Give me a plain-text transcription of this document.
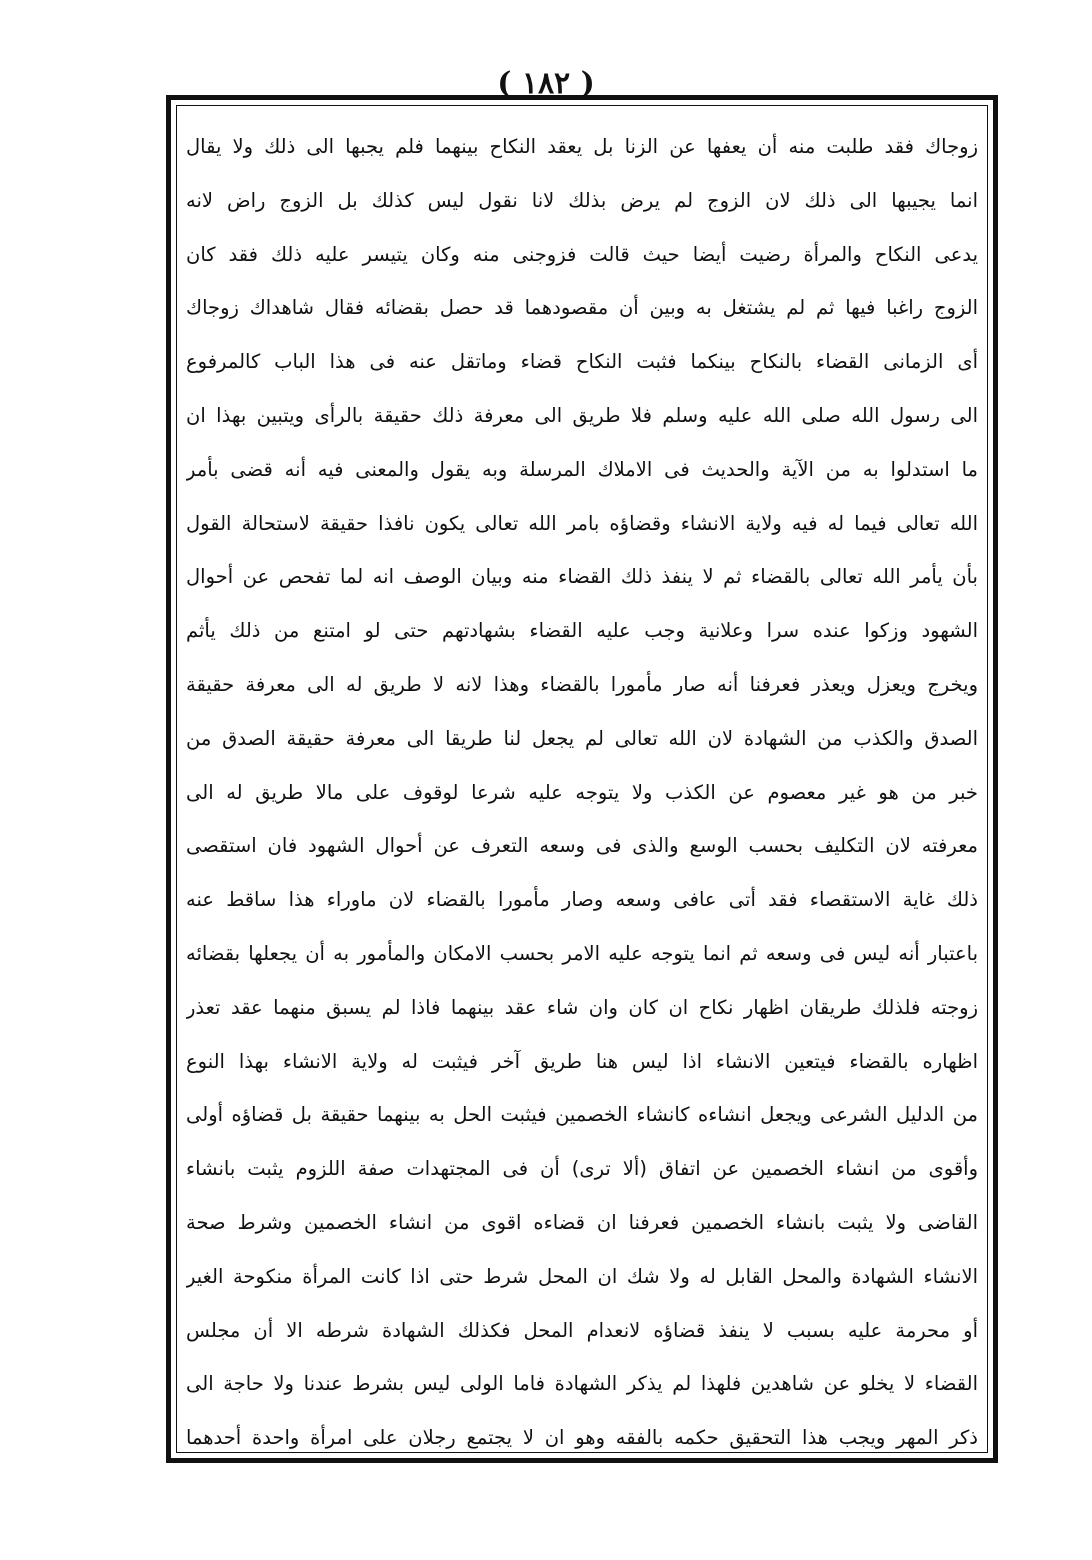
( ١٨٢ )
زوجاك فقد طلبت منه أن يعفها عن الزنا بل يعقد النكاح بينهما فلم يجبها الى ذلك ولا يقال
انما يجيبها الى ذلك لان الزوج لم يرض بذلك لانا نقول ليس كذلك بل الزوج راض لانه
يدعى النكاح والمرأة رضيت أيضا حيث قالت فزوجنى منه وكان يتيسر عليه ذلك فقد كان
الزوج راغبا فيها ثم لم يشتغل به وبين أن مقصودهما قد حصل بقضائه فقال شاهداك زوجاك
أى الزمانى القضاء بالنكاح بينكما فثبت النكاح قضاء وماتقل عنه فى هذا الباب كالمرفوع
الى رسول الله صلى الله عليه وسلم فلا طريق الى معرفة ذلك حقيقة بالرأى ويتبين بهذا ان
ما استدلوا به من الآية والحديث فى الاملاك المرسلة وبه يقول والمعنى فيه أنه قضى بأمر
الله تعالى فيما له فيه ولاية الانشاء وقضاؤه بامر الله تعالى يكون نافذا حقيقة لاستحالة القول
بأن يأمر الله تعالى بالقضاء ثم لا ينفذ ذلك القضاء منه وبيان الوصف انه لما تفحص عن أحوال
الشهود وزكوا عنده سرا وعلانية وجب عليه القضاء بشهادتهم حتى لو امتنع من ذلك يأثم
ويخرج ويعزل ويعذر فعرفنا أنه صار مأمورا بالقضاء وهذا لانه لا طريق له الى معرفة حقيقة
الصدق والكذب من الشهادة لان الله تعالى لم يجعل لنا طريقا الى معرفة حقيقة الصدق من
خبر من هو غير معصوم عن الكذب ولا يتوجه عليه شرعا لوقوف على مالا طريق له الى
معرفته لان التكليف بحسب الوسع والذى فى وسعه التعرف عن أحوال الشهود فان استقصى
ذلك غاية الاستقصاء فقد أتى عافى وسعه وصار مأمورا بالقضاء لان ماوراء هذا ساقط عنه
باعتبار أنه ليس فى وسعه ثم انما يتوجه عليه الامر بحسب الامكان والمأمور به أن يجعلها بقضائه
زوجته فلذلك طريقان اظهار نكاح ان كان وان شاء عقد بينهما فاذا لم يسبق منهما عقد تعذر
اظهاره بالقضاء فيتعين الانشاء اذا ليس هنا طريق آخر فيثبت له ولاية الانشاء بهذا النوع
من الدليل الشرعى ويجعل انشاءه كانشاء الخصمين فيثبت الحل به بينهما حقيقة بل قضاؤه أولى
وأقوى من انشاء الخصمين عن اتفاق (ألا ترى) أن فى المجتهدات صفة اللزوم يثبت بانشاء
القاضى ولا يثبت بانشاء الخصمين فعرفنا ان قضاءه اقوى من انشاء الخصمين وشرط صحة
الانشاء الشهادة والمحل القابل له ولا شك ان المحل شرط حتى اذا كانت المرأة منكوحة الغير
أو محرمة عليه بسبب لا ينفذ قضاؤه لانعدام المحل فكذلك الشهادة شرطه الا أن مجلس
القضاء لا يخلو عن شاهدين فلهذا لم يذكر الشهادة فاما الولى ليس بشرط عندنا ولا حاجة الى
ذكر المهر ويجب هذا التحقيق حكمه بالفقه وهو ان لا يجتمع رجلان على امرأة واحدة أحدهما
